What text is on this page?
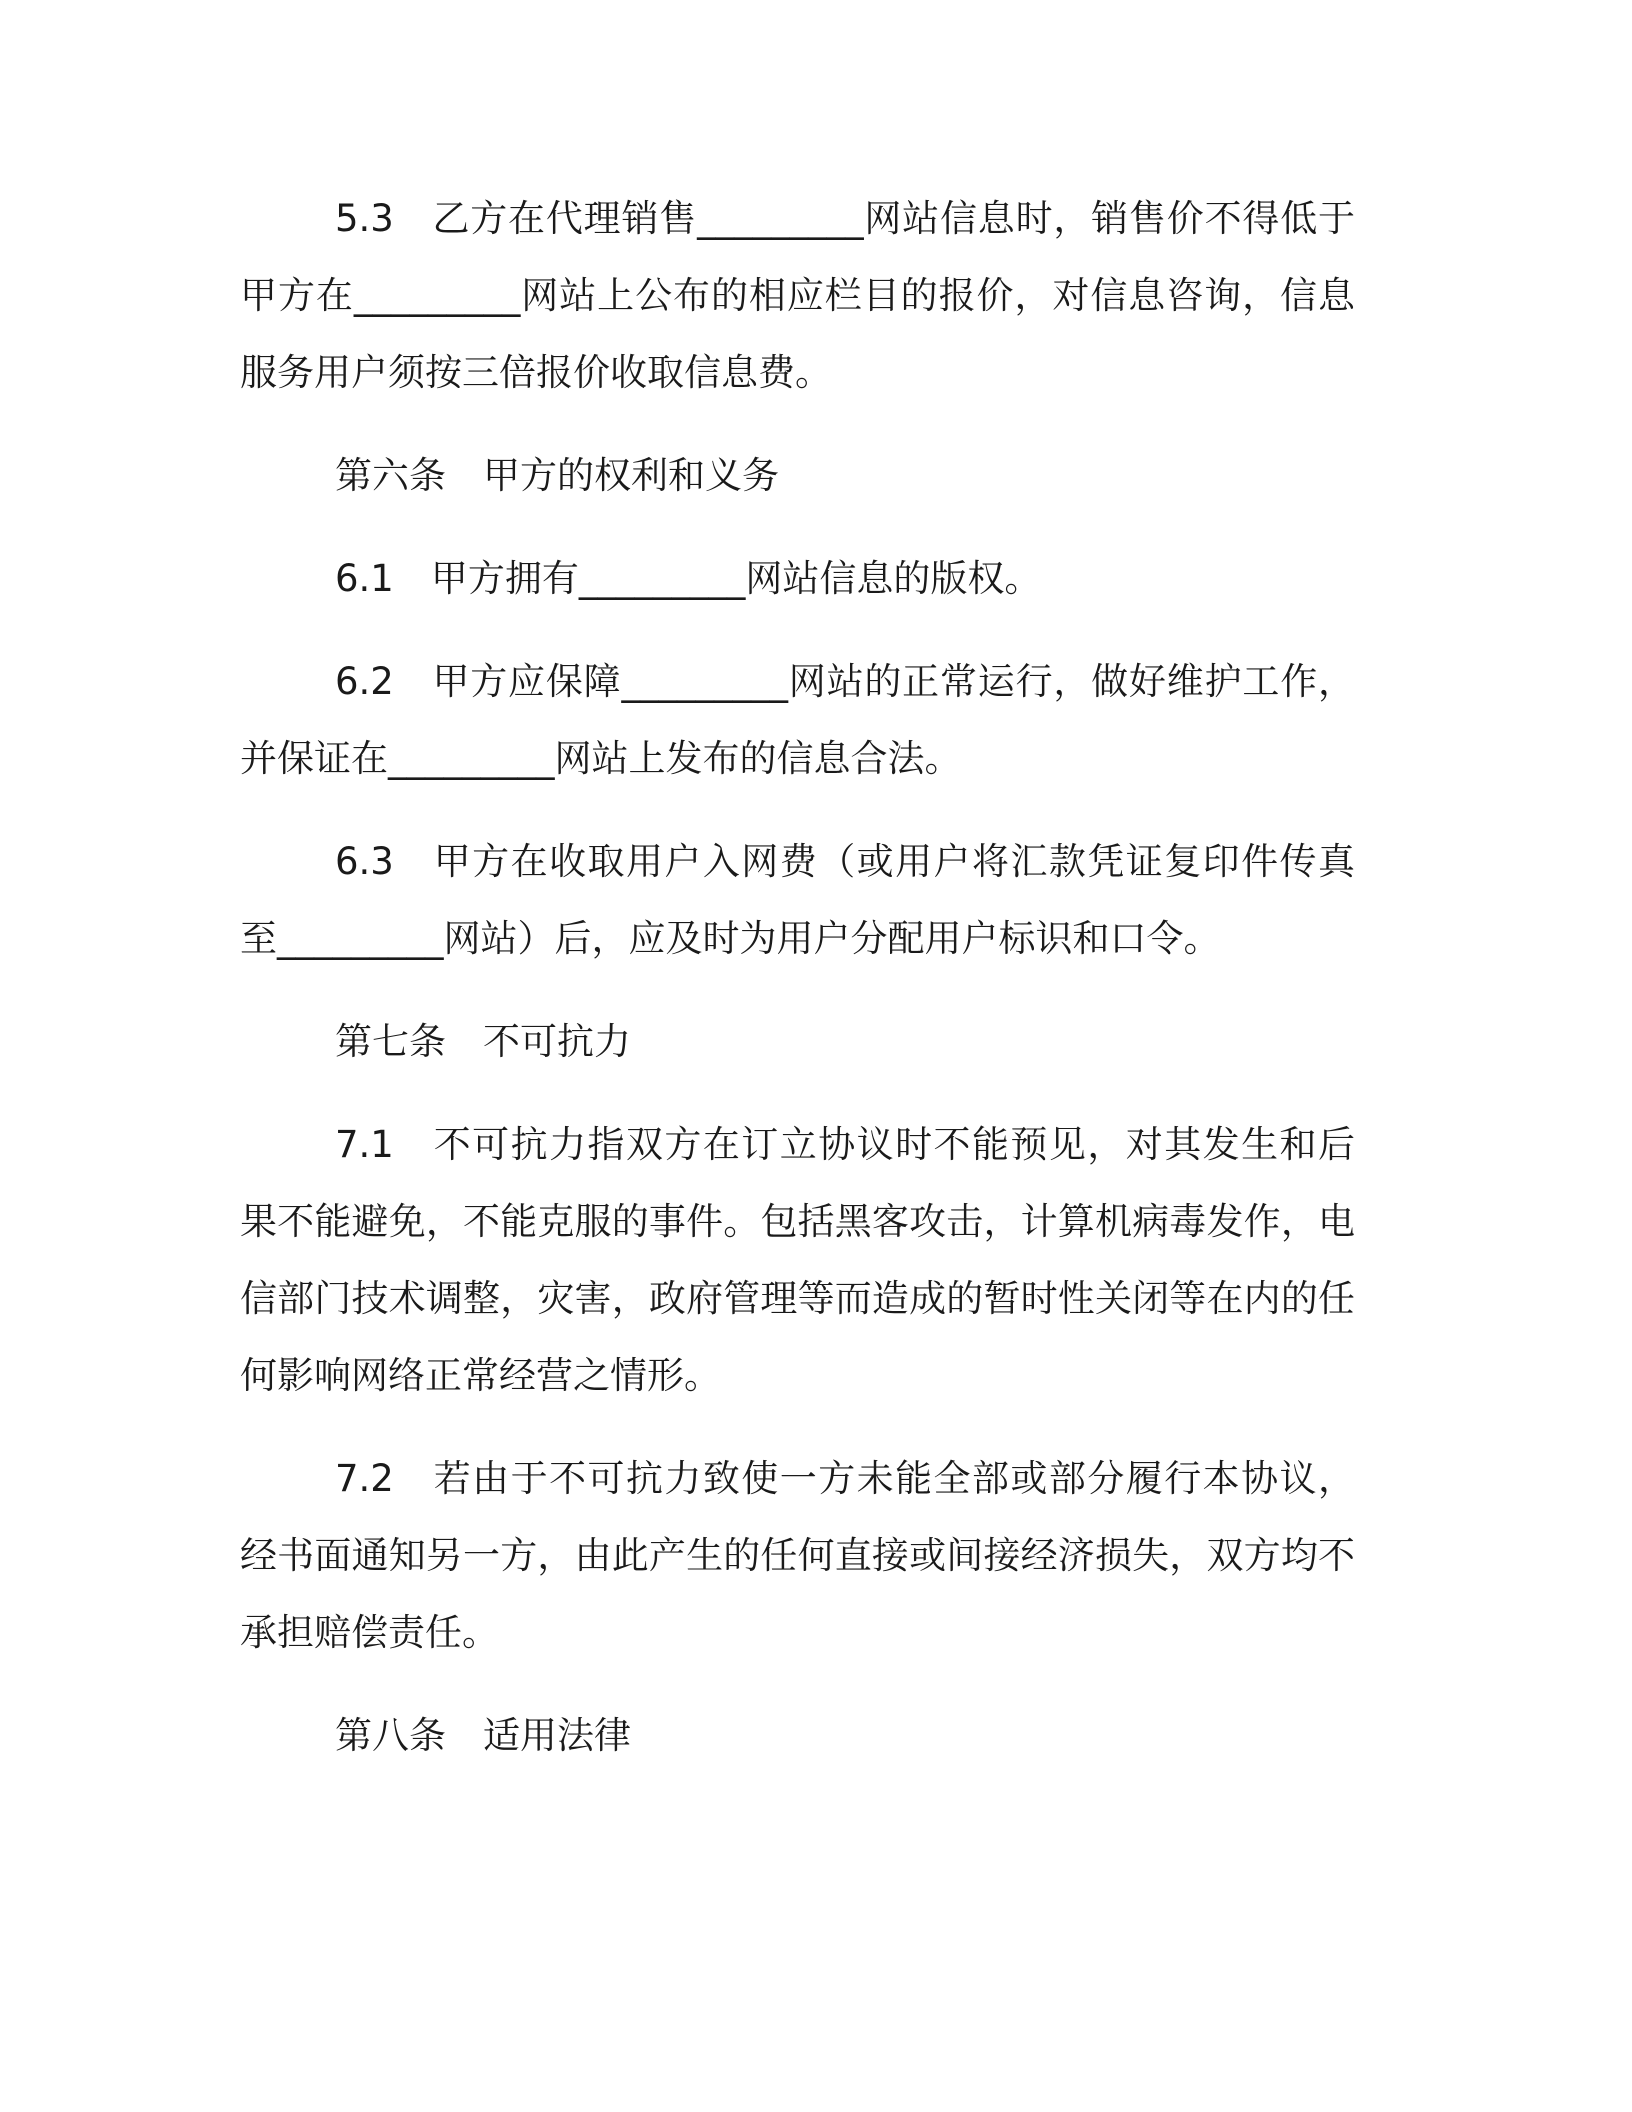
5.3　乙方在代理销售_________网站信息时，销售价不得低于甲方在_________网站上公布的相应栏目的报价，对信息咨询，信息服务用户须按三倍报价收取信息费。

第六条　甲方的权利和义务

6.1　甲方拥有_________网站信息的版权。

6.2　甲方应保障_________网站的正常运行，做好维护工作，并保证在_________网站上发布的信息合法。

6.3　甲方在收取用户入网费（或用户将汇款凭证复印件传真至_________网站）后，应及时为用户分配用户标识和口令。

第七条　不可抗力

7.1　不可抗力指双方在订立协议时不能预见，对其发生和后果不能避免，不能克服的事件。包括黑客攻击，计算机病毒发作，电信部门技术调整，灾害，政府管理等而造成的暂时性关闭等在内的任何影响网络正常经营之情形。

7.2　若由于不可抗力致使一方未能全部或部分履行本协议，经书面通知另一方，由此产生的任何直接或间接经济损失，双方均不承担赔偿责任。

第八条　适用法律
